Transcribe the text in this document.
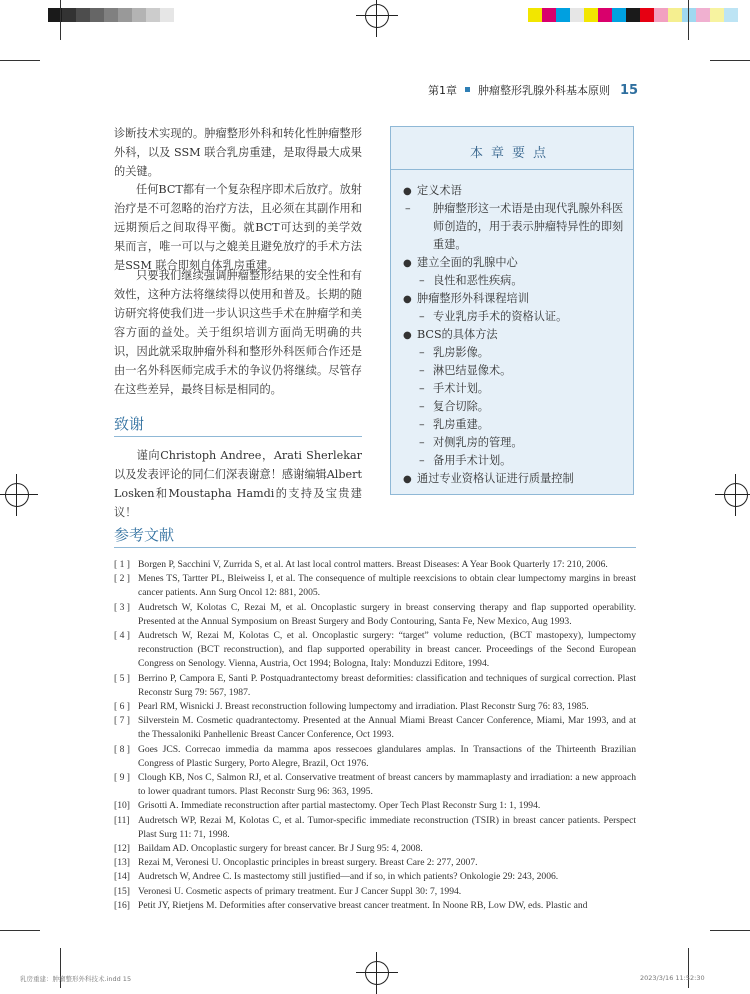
第1章 肿瘤整形乳腺外科基本原则 15
诊断技术实现的。肿瘤整形外科和转化性肿瘤整形外科，以及 SSM 联合乳房重建，是取得最大成果的关键。
任何BCT都有一个复杂程序即术后放疗。放射治疗是不可忽略的治疗方法，且必须在其副作用和远期预后之间取得平衡。就BCT可达到的美学效果而言，唯一可以与之媲美且避免放疗的手术方法是SSM 联合即刻自体乳房重建。
只要我们继续强调肿瘤整形结果的安全性和有效性，这种方法将继续得以使用和普及。长期的随访研究将使我们进一步认识这些手术在肿瘤学和美容方面的益处。关于组织培训方面尚无明确的共识，因此就采取肿瘤外科和整形外科医师合作还是由一名外科医师完成手术的争议仍将继续。尽管存在这些差异，最终目标是相同的。
致谢
谨向Christoph Andree，Arati Sherlekar以及发表评论的同仁们深表谢意！感谢编辑Albert Losken和Moustapha Hamdi的支持及宝贵建议！
本章要点
● 定义术语
– 肿瘤整形这一术语是由现代乳腺外科医师创造的，用于表示肿瘤特异性的即刻重建。
● 建立全面的乳腺中心
– 良性和恶性疾病。
● 肿瘤整形外科课程培训
– 专业乳房手术的资格认证。
● BCS的具体方法
– 乳房影像。
– 淋巴结显像术。
– 手术计划。
– 复合切除。
– 乳房重建。
– 对侧乳房的管理。
– 备用手术计划。
● 通过专业资格认证进行质量控制
参考文献
[ 1 ] Borgen P, Sacchini V, Zurrida S, et al. At last local control matters. Breast Diseases: A Year Book Quarterly 17: 210, 2006.
[ 2 ] Menes TS, Tartter PL, Bleiweiss I, et al. The consequence of multiple reexcisions to obtain clear lumpectomy margins in breast cancer patients. Ann Surg Oncol 12: 881, 2005.
[ 3 ] Audretsch W, Kolotas C, Rezai M, et al. Oncoplastic surgery in breast conserving therapy and flap supported operability. Presented at the Annual Symposium on Breast Surgery and Body Contouring, Santa Fe, New Mexico, Aug 1993.
[ 4 ] Audretsch W, Rezai M, Kolotas C, et al. Oncoplastic surgery: “target” volume reduction, (BCT mastopexy), lumpectomy reconstruction (BCT reconstruction), and flap supported operability in breast cancer. Proceedings of the Second European Congress on Senology. Vienna, Austria, Oct 1994; Bologna, Italy: Monduzzi Editore, 1994.
[ 5 ] Berrino P, Campora E, Santi P. Postquadrantectomy breast deformities: classification and techniques of surgical correction. Plast Reconstr Surg 79: 567, 1987.
[ 6 ] Pearl RM, Wisnicki J. Breast reconstruction following lumpectomy and irradiation. Plast Reconstr Surg 76: 83, 1985.
[ 7 ] Silverstein M. Cosmetic quadrantectomy. Presented at the Annual Miami Breast Cancer Conference, Miami, Mar 1993, and at the Thessaloniki Panhellenic Breast Cancer Conference, Oct 1993.
[ 8 ] Goes JCS. Correcao immedia da mamma apos ressecoes glandulares amplas. In Transactions of the Thirteenth Brazilian Congress of Plastic Surgery, Porto Alegre, Brazil, Oct 1976.
[ 9 ] Clough KB, Nos C, Salmon RJ, et al. Conservative treatment of breast cancers by mammaplasty and irradiation: a new approach to lower quadrant tumors. Plast Reconstr Surg 96: 363, 1995.
[10] Grisotti A. Immediate reconstruction after partial mastectomy. Oper Tech Plast Reconstr Surg 1: 1, 1994.
[11] Audretsch WP, Rezai M, Kolotas C, et al. Tumor-specific immediate reconstruction (TSIR) in breast cancer patients. Perspect Plast Surg 11: 71, 1998.
[12] Baildam AD. Oncoplastic surgery for breast cancer. Br J Surg 95: 4, 2008.
[13] Rezai M, Veronesi U. Oncoplastic principles in breast surgery. Breast Care 2: 277, 2007.
[14] Audretsch W, Andree C. Is mastectomy still justified—and if so, in which patients? Onkologie 29: 243, 2006.
[15] Veronesi U. Cosmetic aspects of primary treatment. Eur J Cancer Suppl 30: 7, 1994.
[16] Petit JY, Rietjens M. Deformities after conservative breast cancer treatment. In Noone RB, Low DW, eds. Plastic and
乳房重建：肿瘤整形外科技术.indd 15	2023/3/16 11:52:30
